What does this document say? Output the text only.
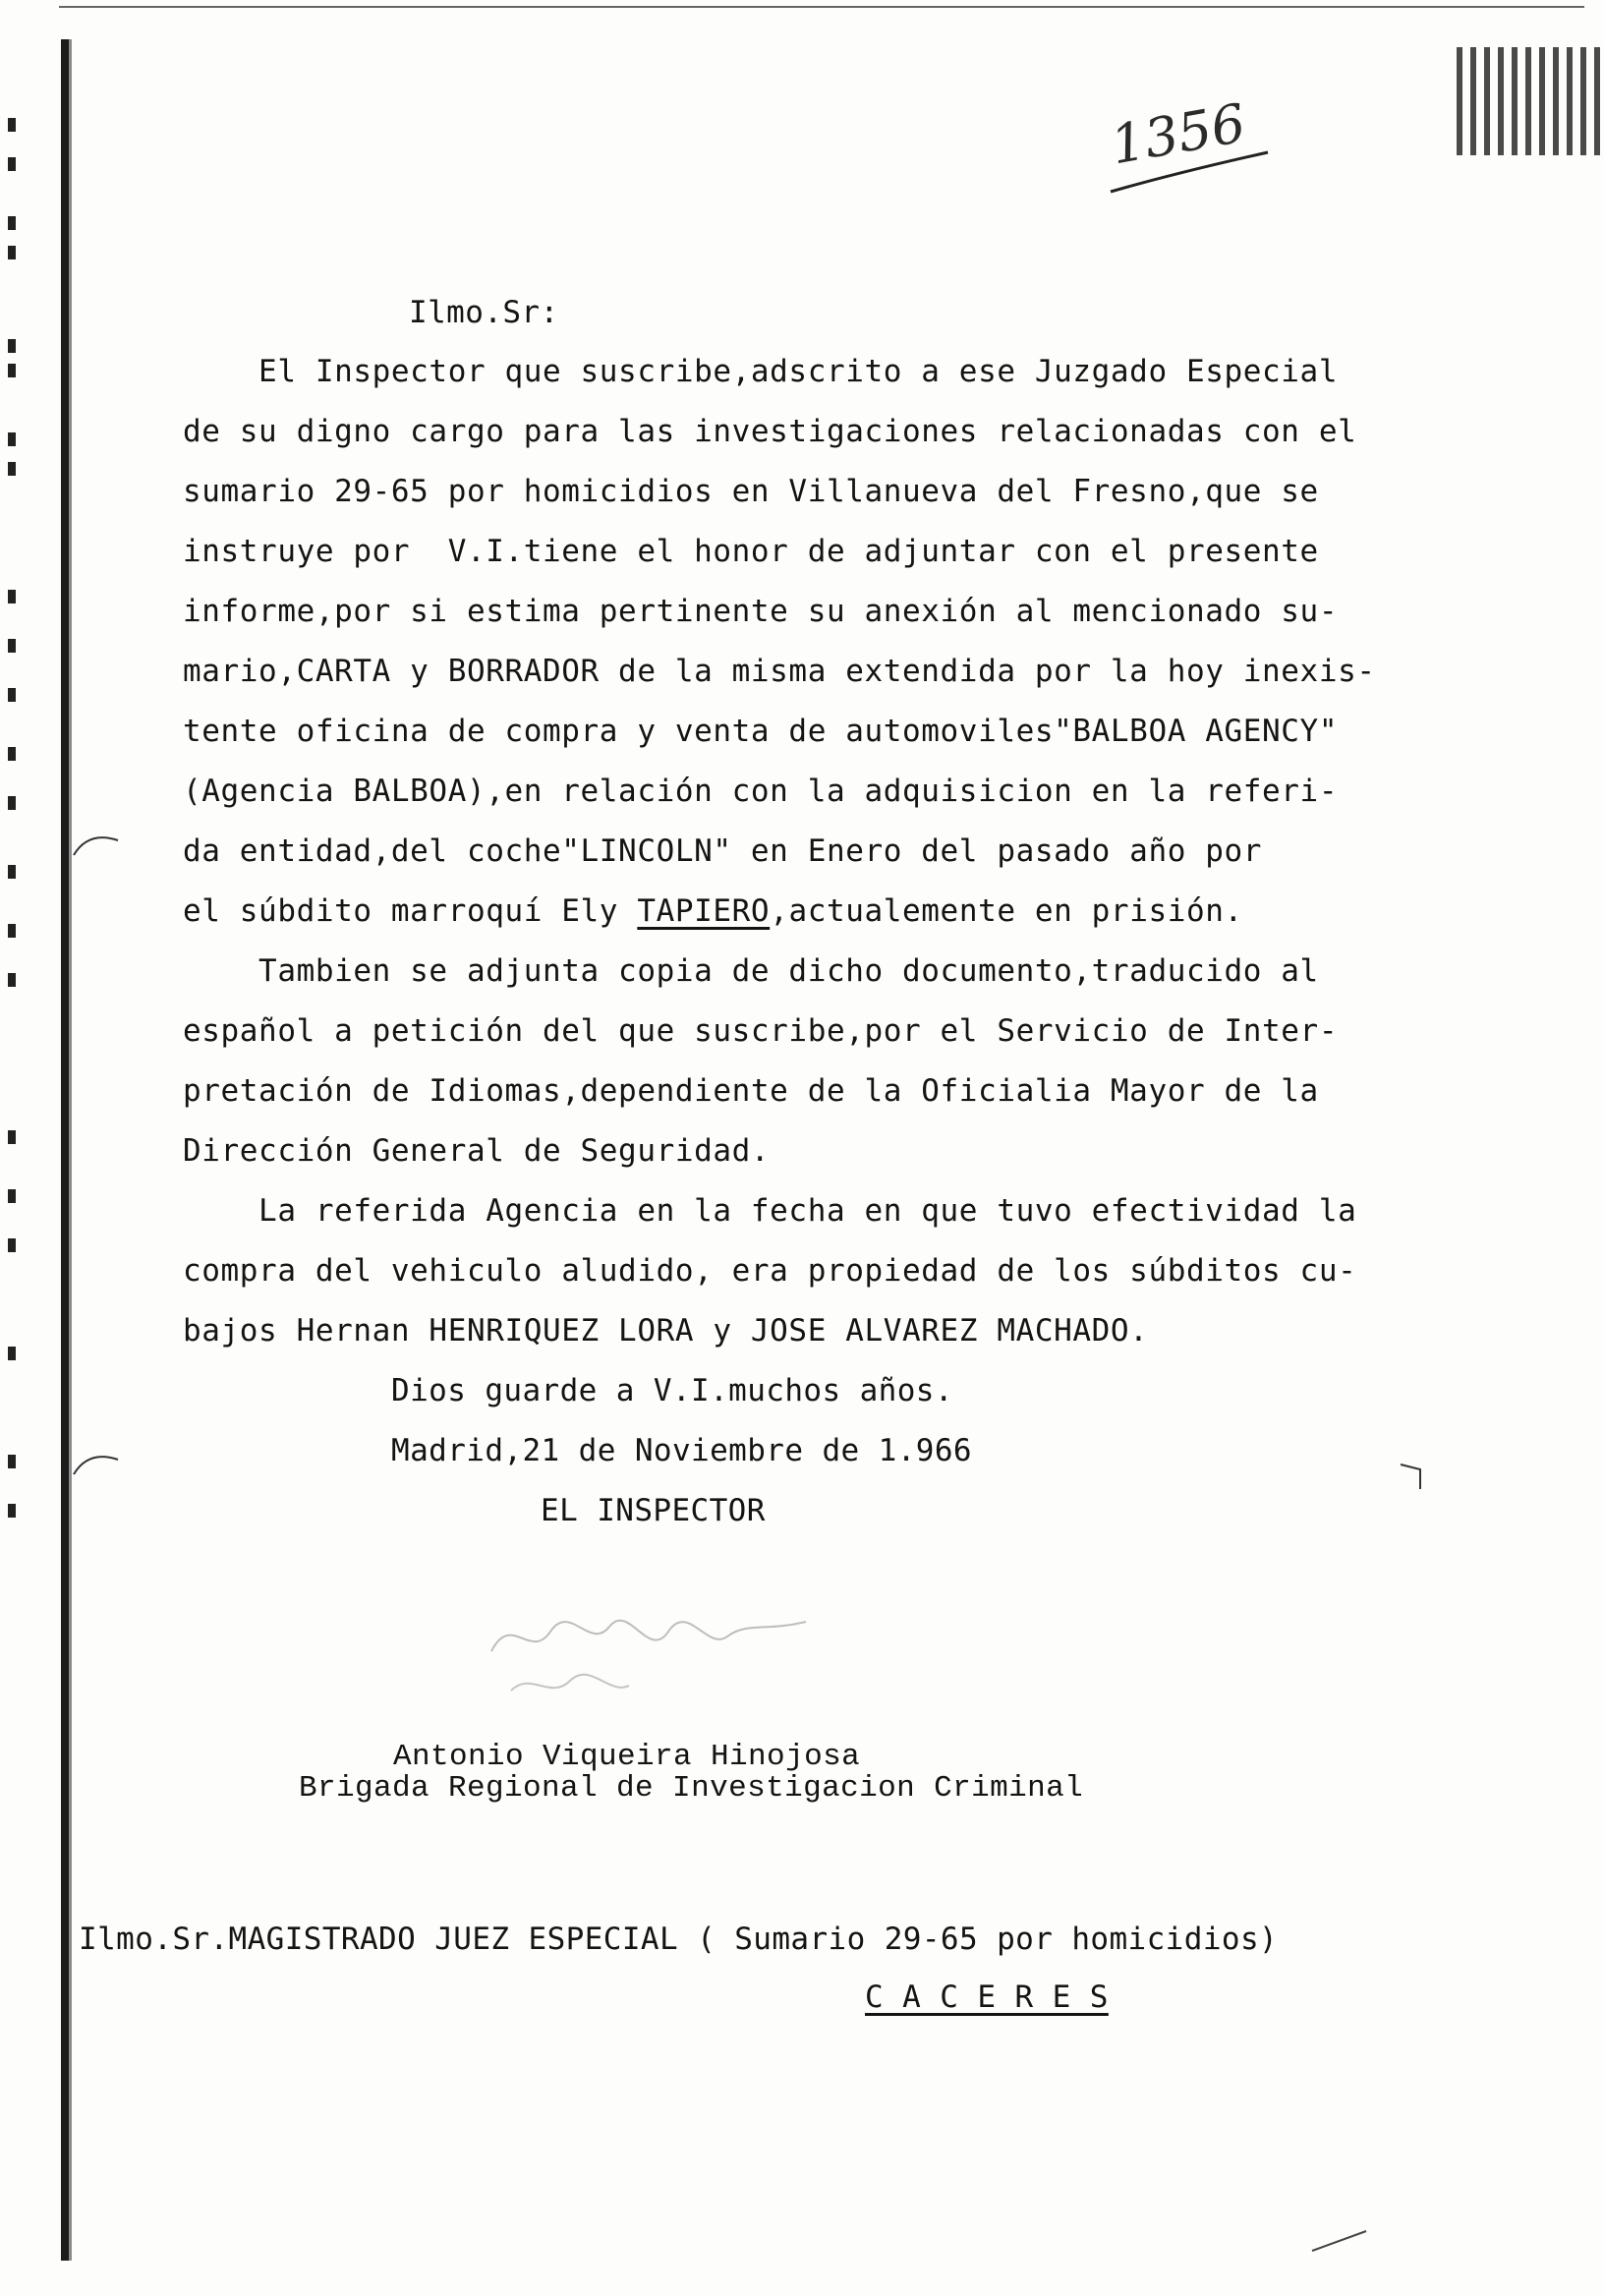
1356
Ilmo.Sr:
El Inspector que suscribe,adscrito a ese Juzgado Especial
de su digno cargo para las investigaciones relacionadas con el
sumario 29-65 por homicidios en Villanueva del Fresno,que se
instruye por  V.I.tiene el honor de adjuntar con el presente
informe,por si estima pertinente su anexión al mencionado su-
mario,CARTA y BORRADOR de la misma extendida por la hoy inexis-
tente oficina de compra y venta de automoviles"BALBOA AGENCY"
(Agencia BALBOA),en relación con la adquisicion en la referi-
da entidad,del coche"LINCOLN" en Enero del pasado año por
el súbdito marroquí Ely TAPIERO,actualemente en prisión.
Tambien se adjunta copia de dicho documento,traducido al
español a petición del que suscribe,por el Servicio de Inter-
pretación de Idiomas,dependiente de la Oficialia Mayor de la
Dirección General de Seguridad.
La referida Agencia en la fecha en que tuvo efectividad la
compra del vehiculo aludido, era propiedad de los súbditos cu-
bajos Hernan HENRIQUEZ LORA y JOSE ALVAREZ MACHADO.
Dios guarde a V.I.muchos años.
Madrid,21 de Noviembre de 1.966
EL INSPECTOR
Antonio Viqueira Hinojosa
Brigada Regional de Investigacion Criminal
Ilmo.Sr.MAGISTRADO JUEZ ESPECIAL ( Sumario 29-65 por homicidios)
C A C E R E S
